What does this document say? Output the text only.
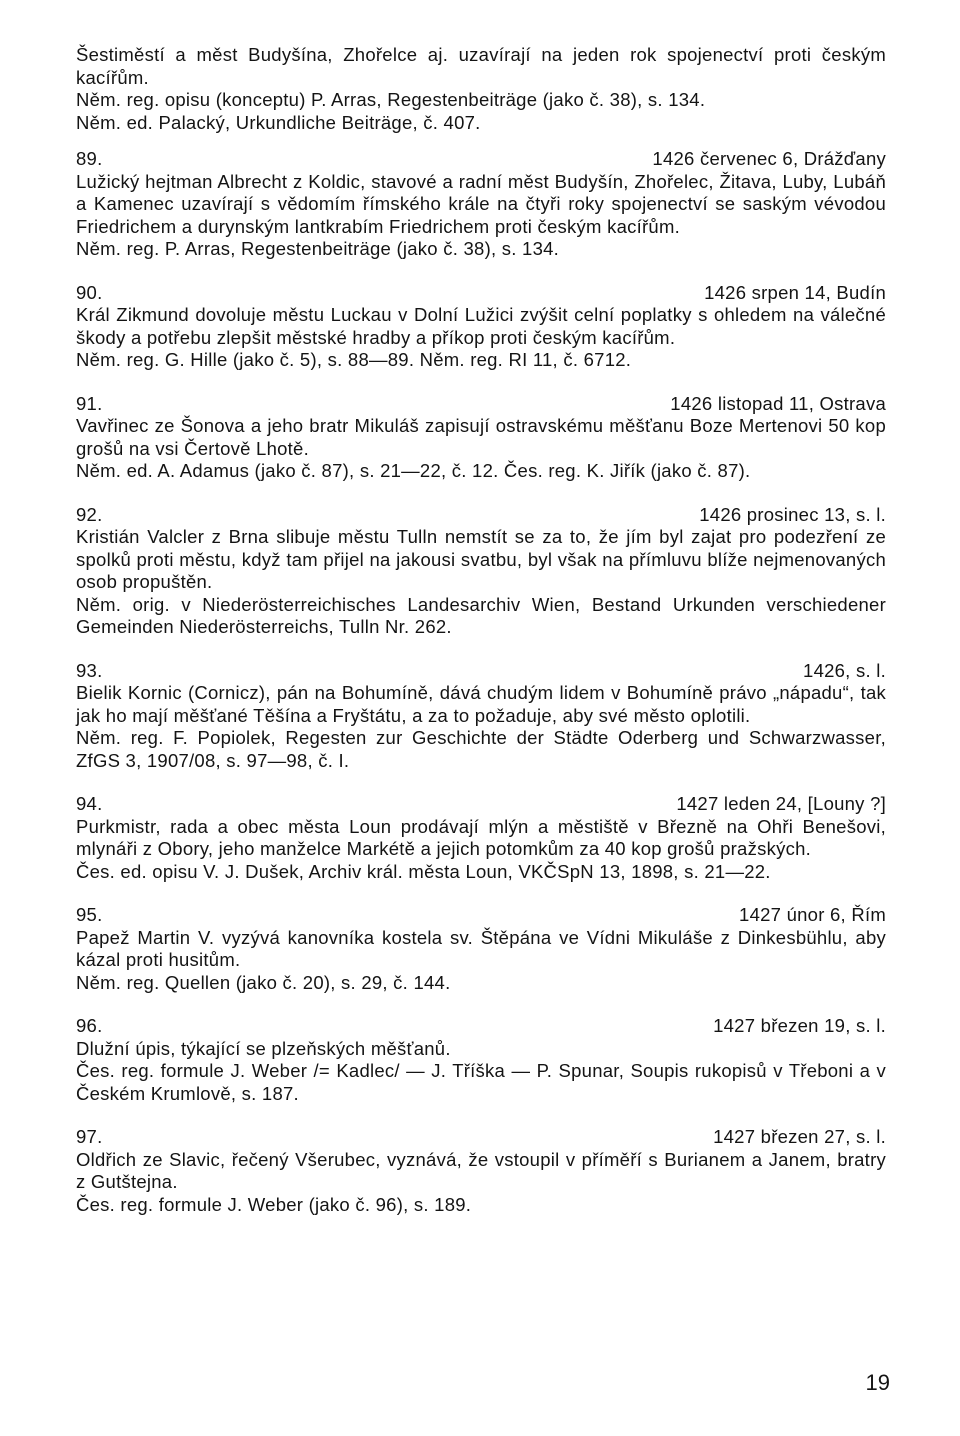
Šestiměstí a měst Budyšína, Zhořelce aj. uzavírají na jeden rok spojenectví proti českým kacířům.
Něm. reg. opisu (konceptu) P. Arras, Regestenbeiträge (jako č. 38), s. 134.
Něm. ed. Palacký, Urkundliche Beiträge, č. 407.
89.	1426 červenec 6, Drážďany
Lužický hejtman Albrecht z Koldic, stavové a radní měst Budyšín, Zhořelec, Žitava, Luby, Lubáň a Kamenec uzavírají s vědomím římského krále na čtyři roky spojenectví se saským vévodou Friedrichem a durynským lantkrabím Friedrichem proti českým kacířům.
Něm. reg. P. Arras, Regestenbeiträge (jako č. 38), s. 134.
90.	1426 srpen 14, Budín
Král Zikmund dovoluje městu Luckau v Dolní Lužici zvýšit celní poplatky s ohledem na válečné škody a potřebu zlepšit městské hradby a příkop proti českým kacířům.
Něm. reg. G. Hille (jako č. 5), s. 88—89. Něm. reg. RI 11, č. 6712.
91.	1426 listopad 11, Ostrava
Vavřinec ze Šonova a jeho bratr Mikuláš zapisují ostravskému měšťanu Boze Mertenovi 50 kop grošů na vsi Čertově Lhotě.
Něm. ed. A. Adamus (jako č. 87), s. 21—22, č. 12. Čes. reg. K. Jiřík (jako č. 87).
92.	1426 prosinec 13, s. l.
Kristián Valcler z Brna slibuje městu Tulln nemstít se za to, že jím byl zajat pro podezření ze spolků proti městu, když tam přijel na jakousi svatbu, byl však na přímluvu blíže nejmenovaných osob propuštěn.
Něm. orig. v Niederösterreichisches Landesarchiv Wien, Bestand Urkunden verschiedener Gemeinden Niederösterreichs, Tulln Nr. 262.
93.	1426, s. l.
Bielik Kornic (Cornicz), pán na Bohumíně, dává chudým lidem v Bohumíně právo „nápadu“, tak jak ho mají měšťané Těšína a Fryštátu, a za to požaduje, aby své město oplotili.
Něm. reg. F. Popiolek, Regesten zur Geschichte der Städte Oderberg und Schwarzwasser, ZfGS 3, 1907/08, s. 97—98, č. I.
94.	1427 leden 24, [Louny ?]
Purkmistr, rada a obec města Loun prodávají mlýn a městiště v Březně na Ohři Benešovi, mlynáři z Obory, jeho manželce Markétě a jejich potomkům za 40 kop grošů pražských.
Čes. ed. opisu V. J. Dušek, Archiv král. města Loun, VKČSpN 13, 1898, s. 21—22.
95.	1427 únor 6, Řím
Papež Martin V. vyzývá kanovníka kostela sv. Štěpána ve Vídni Mikuláše z Dinkesbühlu, aby kázal proti husitům.
Něm. reg. Quellen (jako č. 20), s. 29, č. 144.
96.	1427 březen 19, s. l.
Dlužní úpis, týkající se plzeňských měšťanů.
Čes. reg. formule J. Weber /= Kadlec/ — J. Tříška — P. Spunar, Soupis rukopisů v Třeboni a v Českém Krumlově, s. 187.
97.	1427 březen 27, s. l.
Oldřich ze Slavic, řečený Všerubec, vyznává, že vstoupil v příměří s Burianem a Janem, bratry z Gutštejna.
Čes. reg. formule J. Weber (jako č. 96), s. 189.
19
